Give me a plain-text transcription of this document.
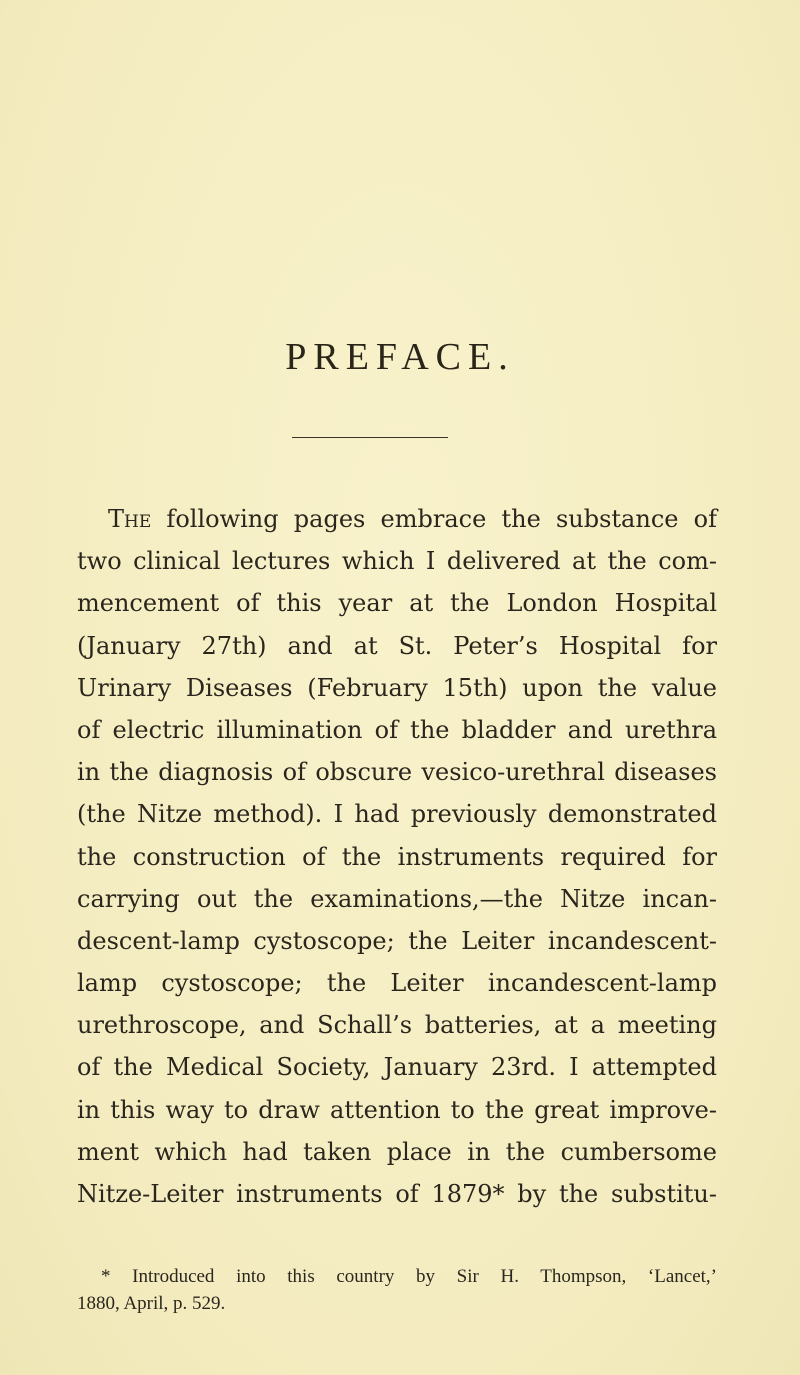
PREFACE.
The following pages embrace the substance of
two clinical lectures which I delivered at the com-
mencement of this year at the London Hospital
(January 27th) and at St. Peter’s Hospital for
Urinary Diseases (February 15th) upon the value
of electric illumination of the bladder and urethra
in the diagnosis of obscure vesico-urethral diseases
(the Nitze method). I had previously demonstrated
the construction of the instruments required for
carrying out the examinations,—the Nitze incan-
descent-lamp cystoscope; the Leiter incandescent-
lamp cystoscope; the Leiter incandescent-lamp
urethroscope, and Schall’s batteries, at a meeting
of the Medical Society, January 23rd. I attempted
in this way to draw attention to the great improve-
ment which had taken place in the cumbersome
Nitze-Leiter instruments of 1879* by the substitu-
* Introduced into this country by Sir H. Thompson, ‘Lancet,’
1880, April, p. 529.
